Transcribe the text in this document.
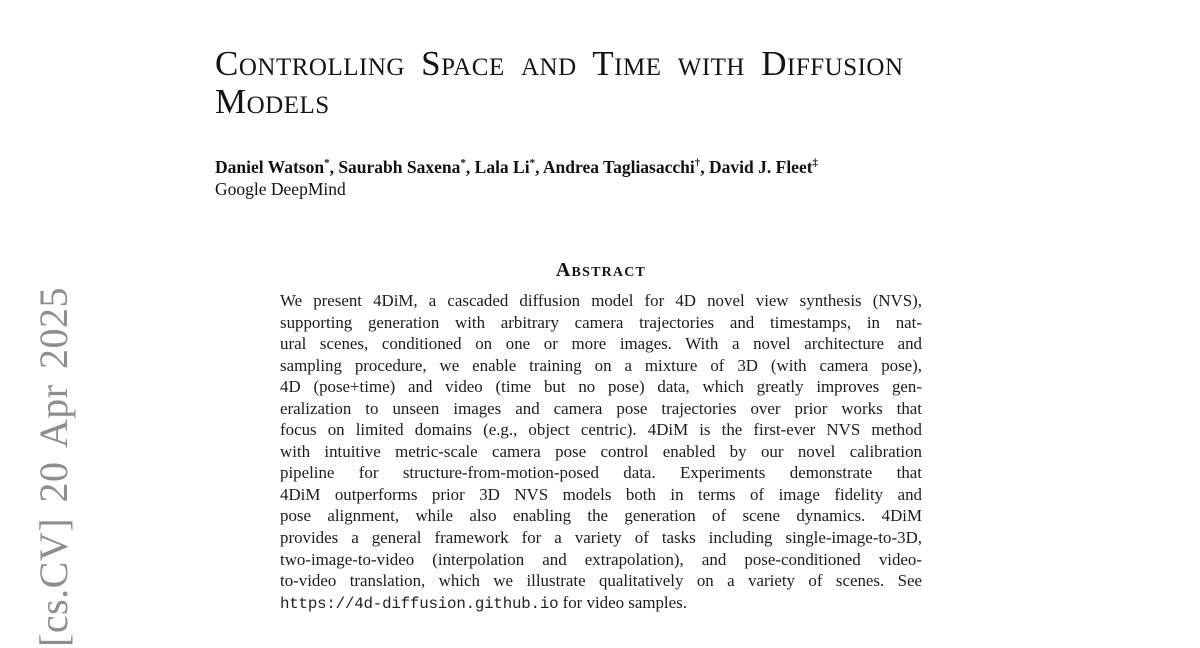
[cs.CV] 20 Apr 2025
Controlling Space and Time with Diffusion
Models

Daniel Watson*, Saurabh Saxena*, Lala Li*, Andrea Tagliasacchi†, David J. Fleet‡

Google DeepMind

Abstract
We present 4DiM, a cascaded diffusion model for 4D novel view synthesis (NVS),
supporting generation with arbitrary camera trajectories and timestamps, in nat-
ural scenes, conditioned on one or more images. With a novel architecture and
sampling procedure, we enable training on a mixture of 3D (with camera pose),
4D (pose+time) and video (time but no pose) data, which greatly improves gen-
eralization to unseen images and camera pose trajectories over prior works that
focus on limited domains (e.g., object centric). 4DiM is the first-ever NVS method
with intuitive metric-scale camera pose control enabled by our novel calibration
pipeline for structure-from-motion-posed data. Experiments demonstrate that
4DiM outperforms prior 3D NVS models both in terms of image fidelity and
pose alignment, while also enabling the generation of scene dynamics. 4DiM
provides a general framework for a variety of tasks including single-image-to-3D,
two-image-to-video (interpolation and extrapolation), and pose-conditioned video-
to-video translation, which we illustrate qualitatively on a variety of scenes. See
https://4d-diffusion.github.io for video samples.
